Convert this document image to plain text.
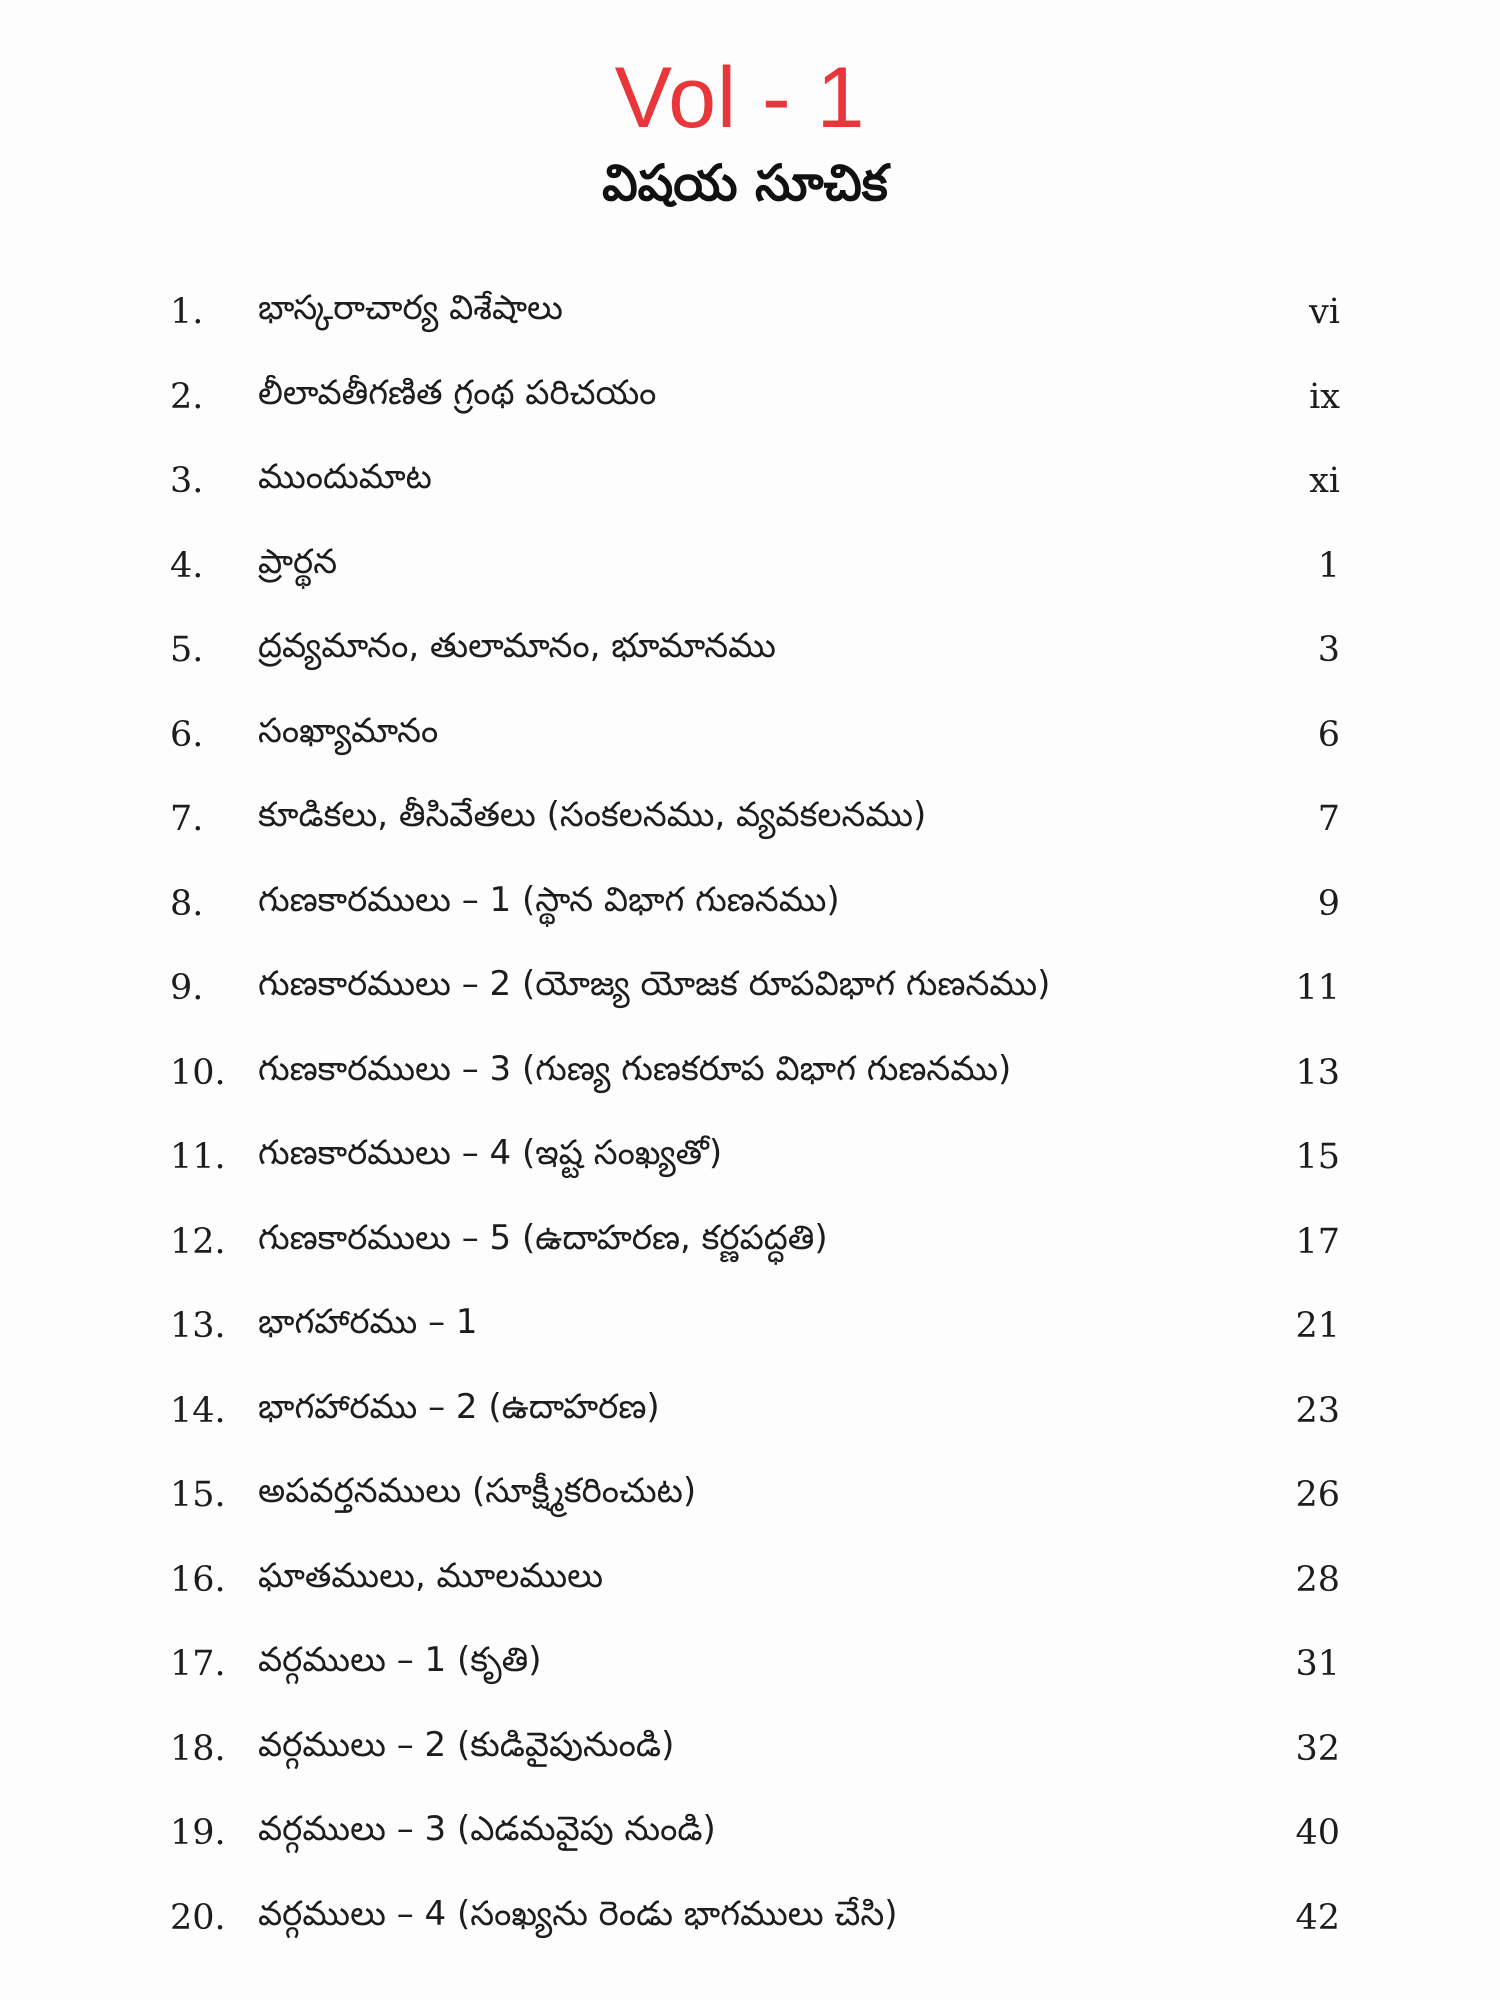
Vol - 1
విషయ సూచిక
1.	భాస్కరాచార్య విశేషాలు	vi
2.	లీలావతీగణిత గ్రంథ పరిచయం	ix
3.	ముందుమాట	xi
4.	ప్రార్థన	1
5.	ద్రవ్యమానం, తులామానం, భూమానము	3
6.	సంఖ్యామానం	6
7.	కూడికలు, తీసివేతలు (సంకలనము, వ్యవకలనము)	7
8.	గుణకారములు – 1 (స్థాన విభాగ గుణనము)	9
9.	గుణకారములు – 2 (యోజ్య యోజక రూపవిభాగ గుణనము)	11
10. గుణకారములు – 3 (గుణ్య గుణకరూప విభాగ గుణనము)	13
11. గుణకారములు – 4 (ఇష్ట సంఖ్యతో)	15
12. గుణకారములు – 5 (ఉదాహరణ, కర్ణపద్ధతి)	17
13. భాగహారము – 1	21
14. భాగహారము – 2 (ఉదాహరణ)	23
15. అపవర్తనములు (సూక్ష్మీకరించుట)	26
16. ఘాతములు, మూలములు	28
17. వర్గములు – 1 (కృతి)	31
18. వర్గములు – 2 (కుడివైపునుండి)	32
19. వర్గములు – 3 (ఎడమవైపు నుండి)	40
20. వర్గములు – 4 (సంఖ్యను రెండు భాగములు చేసి)	42
